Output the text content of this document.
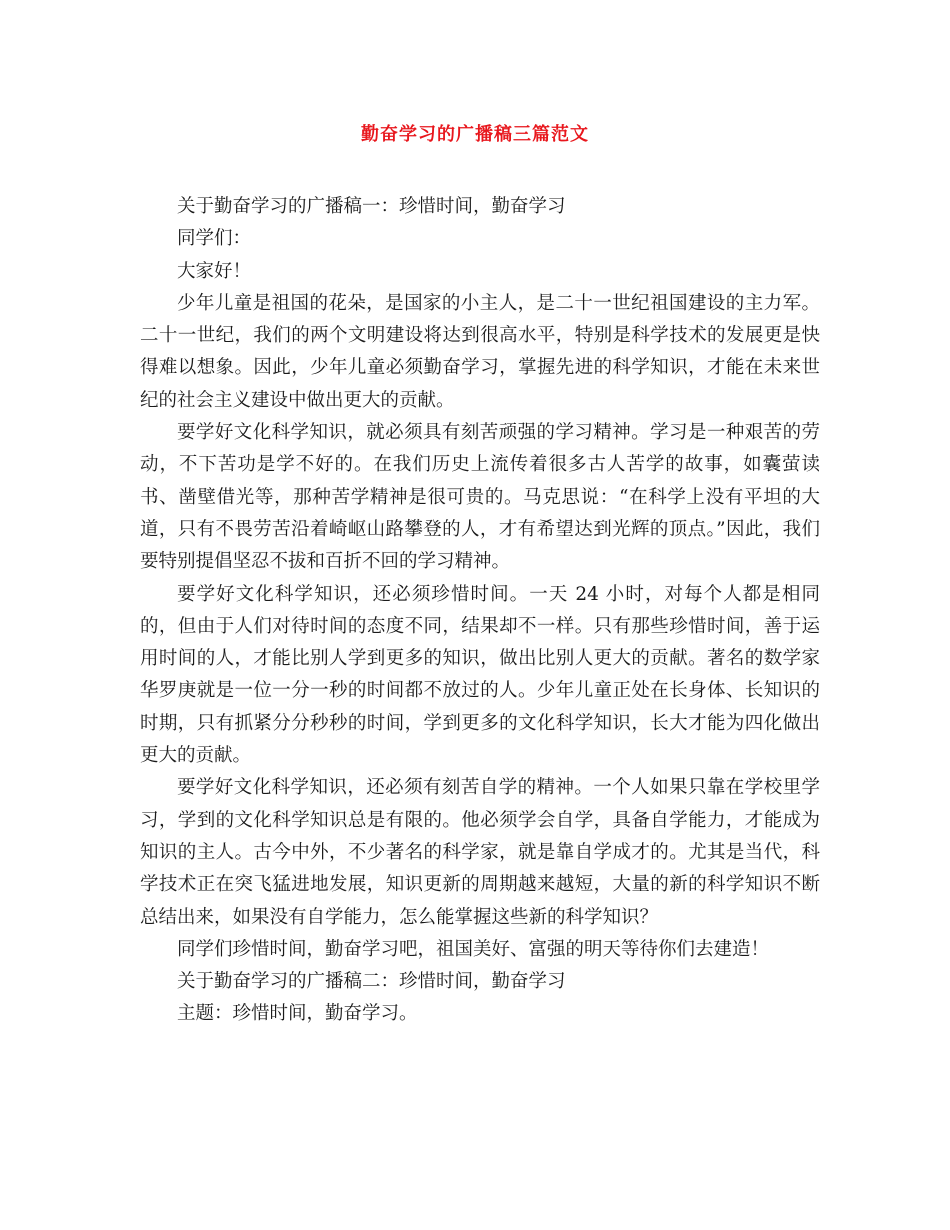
勤奋学习的广播稿三篇范文

关于勤奋学习的广播稿一：珍惜时间，勤奋学习

同学们：

大家好！

少年儿童是祖国的花朵，是国家的小主人，是二十一世纪祖国建设的主力军。二十一世纪，我们的两个文明建设将达到很高水平，特别是科学技术的发展更是快得难以想象。因此，少年儿童必须勤奋学习，掌握先进的科学知识，才能在未来世纪的社会主义建设中做出更大的贡献。

要学好文化科学知识，就必须具有刻苦顽强的学习精神。学习是一种艰苦的劳动，不下苦功是学不好的。在我们历史上流传着很多古人苦学的故事，如囊萤读书、凿壁借光等，那种苦学精神是很可贵的。马克思说：“在科学上没有平坦的大道，只有不畏劳苦沿着崎岖山路攀登的人，才有希望达到光辉的顶点。”因此，我们要特别提倡坚忍不拔和百折不回的学习精神。

要学好文化科学知识，还必须珍惜时间。一天 24 小时，对每个人都是相同的，但由于人们对待时间的态度不同，结果却不一样。只有那些珍惜时间，善于运用时间的人，才能比别人学到更多的知识，做出比别人更大的贡献。著名的数学家华罗庚就是一位一分一秒的时间都不放过的人。少年儿童正处在长身体、长知识的时期，只有抓紧分分秒秒的时间，学到更多的文化科学知识，长大才能为四化做出更大的贡献。

要学好文化科学知识，还必须有刻苦自学的精神。一个人如果只靠在学校里学习，学到的文化科学知识总是有限的。他必须学会自学，具备自学能力，才能成为知识的主人。古今中外，不少著名的科学家，就是靠自学成才的。尤其是当代，科学技术正在突飞猛进地发展，知识更新的周期越来越短，大量的新的科学知识不断总结出来，如果没有自学能力，怎么能掌握这些新的科学知识？

同学们珍惜时间，勤奋学习吧，祖国美好、富强的明天等待你们去建造！

关于勤奋学习的广播稿二：珍惜时间，勤奋学习

主题：珍惜时间，勤奋学习。
